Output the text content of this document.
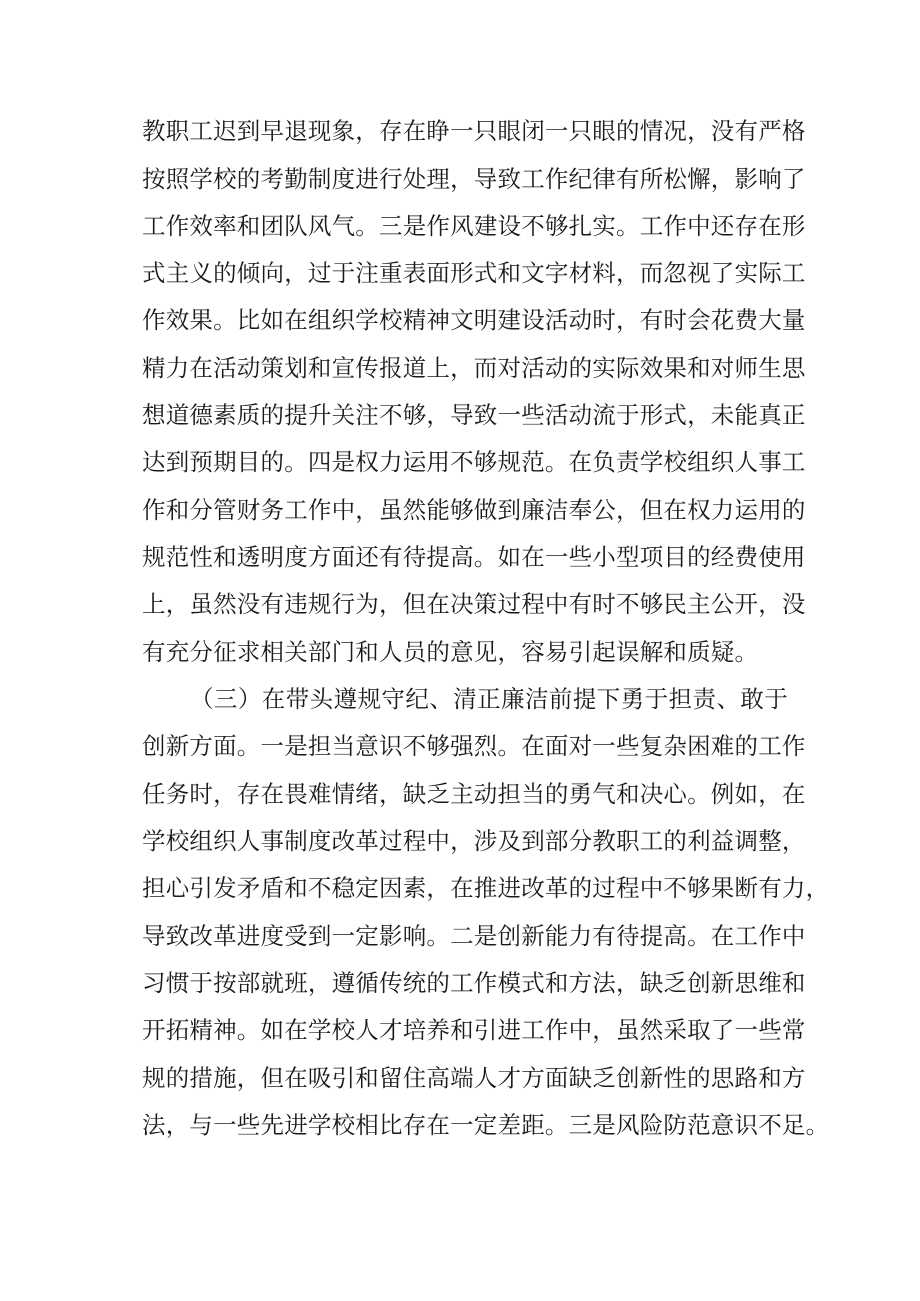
教职工迟到早退现象，存在睁一只眼闭一只眼的情况，没有严格
按照学校的考勤制度进行处理，导致工作纪律有所松懈，影响了
工作效率和团队风气。三是作风建设不够扎实。工作中还存在形
式主义的倾向，过于注重表面形式和文字材料，而忽视了实际工
作效果。比如在组织学校精神文明建设活动时，有时会花费大量
精力在活动策划和宣传报道上，而对活动的实际效果和对师生思
想道德素质的提升关注不够，导致一些活动流于形式，未能真正
达到预期目的。四是权力运用不够规范。在负责学校组织人事工
作和分管财务工作中，虽然能够做到廉洁奉公，但在权力运用的
规范性和透明度方面还有待提高。如在一些小型项目的经费使用
上，虽然没有违规行为，但在决策过程中有时不够民主公开，没
有充分征求相关部门和人员的意见，容易引起误解和质疑。
（三）在带头遵规守纪、清正廉洁前提下勇于担责、敢于
创新方面。一是担当意识不够强烈。在面对一些复杂困难的工作
任务时，存在畏难情绪，缺乏主动担当的勇气和决心。例如，在
学校组织人事制度改革过程中，涉及到部分教职工的利益调整，
担心引发矛盾和不稳定因素，在推进改革的过程中不够果断有力，
导致改革进度受到一定影响。二是创新能力有待提高。在工作中
习惯于按部就班，遵循传统的工作模式和方法，缺乏创新思维和
开拓精神。如在学校人才培养和引进工作中，虽然采取了一些常
规的措施，但在吸引和留住高端人才方面缺乏创新性的思路和方
法，与一些先进学校相比存在一定差距。三是风险防范意识不足。
